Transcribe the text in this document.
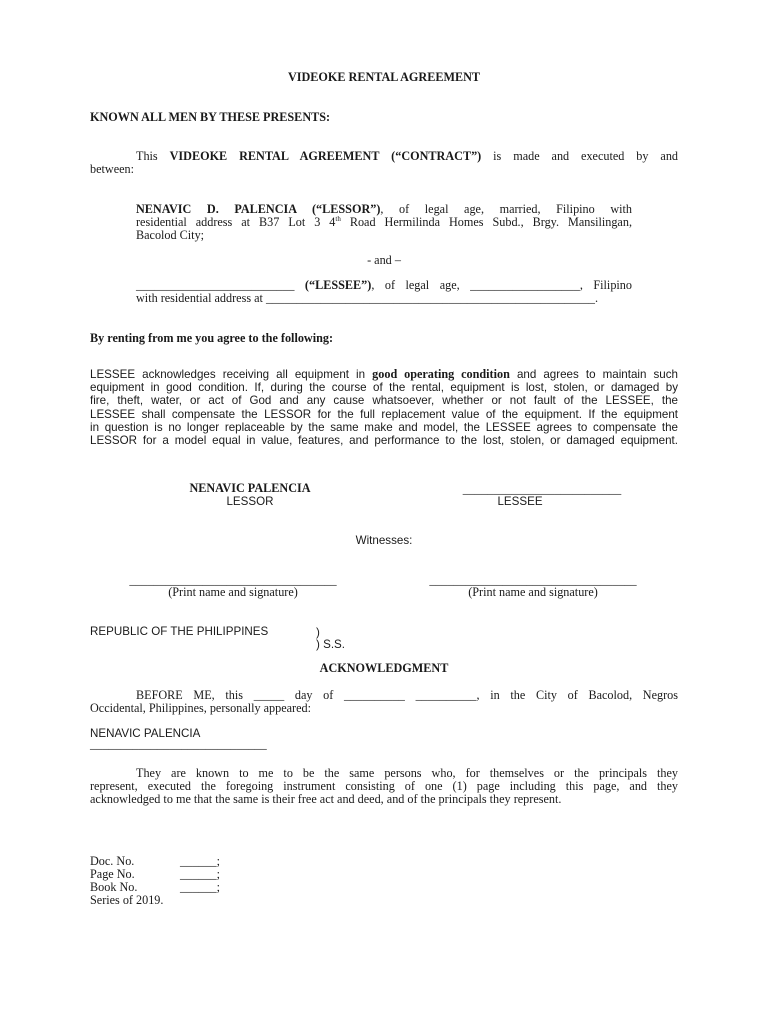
VIDEOKE RENTAL AGREEMENT
KNOWN ALL MEN BY THESE PRESENTS:
This VIDEOKE RENTAL AGREEMENT (“CONTRACT”) is made and executed by and
between:
NENAVIC D. PALENCIA (“LESSOR”), of legal age, married, Filipino with
residential address at B37 Lot 3 4th Road Hermilinda Homes Subd., Brgy. Mansilingan,
Bacolod City;
- and –
__________________________ (“LESSEE”), of legal age, __________________, Filipino
with residential address at ______________________________________________________.
By renting from me you agree to the following:
LESSEE acknowledges receiving all equipment in good operating condition and agrees to maintain such
equipment in good condition. If, during the course of the rental, equipment is lost, stolen, or damaged by
fire, theft, water, or act of God and any cause whatsoever, whether or not fault of the LESSEE, the
LESSEE shall compensate the LESSOR for the full replacement value of the equipment. If the equipment
in question is no longer replaceable by the same make and model, the LESSEE agrees to compensate the
LESSOR for a model equal in value, features, and performance to the lost, stolen, or damaged equipment.
NENAVIC PALENCIA
LESSOR
__________________________
LESSEE
Witnesses:
__________________________________
(Print name and signature)
__________________________________
(Print name and signature)
REPUBLIC OF THE PHILIPPINES	)
) S.S.
ACKNOWLEDGMENT
BEFORE ME, this _____ day of __________ __________, in the City of Bacolod, Negros
Occidental, Philippines, personally appeared:
NENAVIC PALENCIA
_____________________________
They are known to me to be the same persons who, for themselves or the principals they
represent, executed the foregoing instrument consisting of one (1) page including this page, and they
acknowledged to me that the same is their free act and deed, and of the principals they represent.
Doc. No.	______;
Page No.	______;
Book No.	______;
Series of 2019.
